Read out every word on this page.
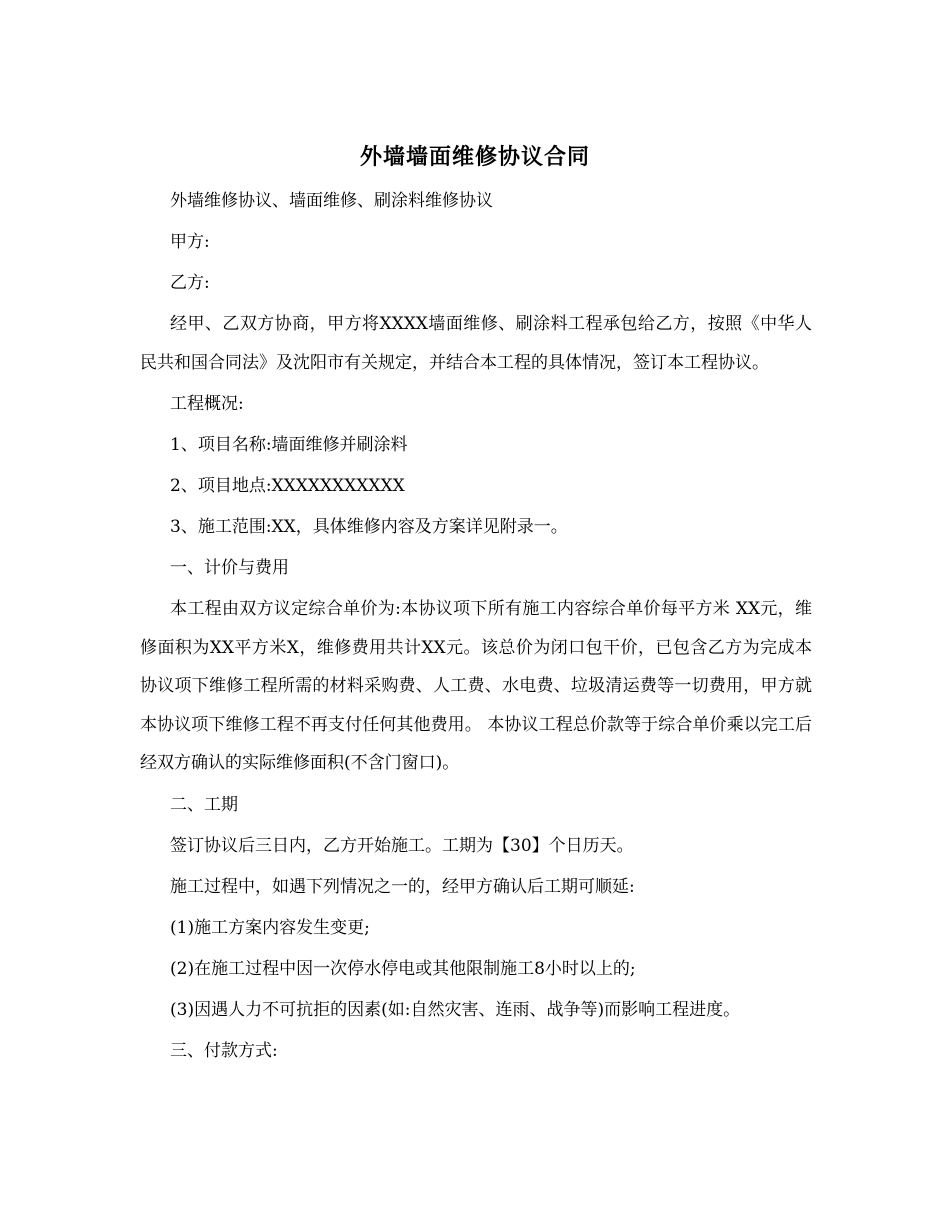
外墙墙面维修协议合同

外墙维修协议、墙面维修、刷涂料维修协议

甲方:

乙方:

经甲、乙双方协商，甲方将XXXX墙面维修、刷涂料工程承包给乙方，按照《中华人民共和国合同法》及沈阳市有关规定，并结合本工程的具体情况，签订本工程协议。

工程概况:

1、项目名称:墙面维修并刷涂料

2、项目地点:XXXXXXXXXXX

3、施工范围:XX，具体维修内容及方案详见附录一。

一、计价与费用

本工程由双方议定综合单价为:本协议项下所有施工内容综合单价每平方米 XX元，维修面积为XX平方米X，维修费用共计XX元。该总价为闭口包干价，已包含乙方为完成本协议项下维修工程所需的材料采购费、人工费、水电费、垃圾清运费等一切费用，甲方就本协议项下维修工程不再支付任何其他费用。 本协议工程总价款等于综合单价乘以完工后经双方确认的实际维修面积(不含门窗口)。

二、工期

签订协议后三日内，乙方开始施工。工期为【30】个日历天。

施工过程中，如遇下列情况之一的，经甲方确认后工期可顺延:

(1)施工方案内容发生变更;

(2)在施工过程中因一次停水停电或其他限制施工8小时以上的;

(3)因遇人力不可抗拒的因素(如:自然灾害、连雨、战争等)而影响工程进度。

三、付款方式:
